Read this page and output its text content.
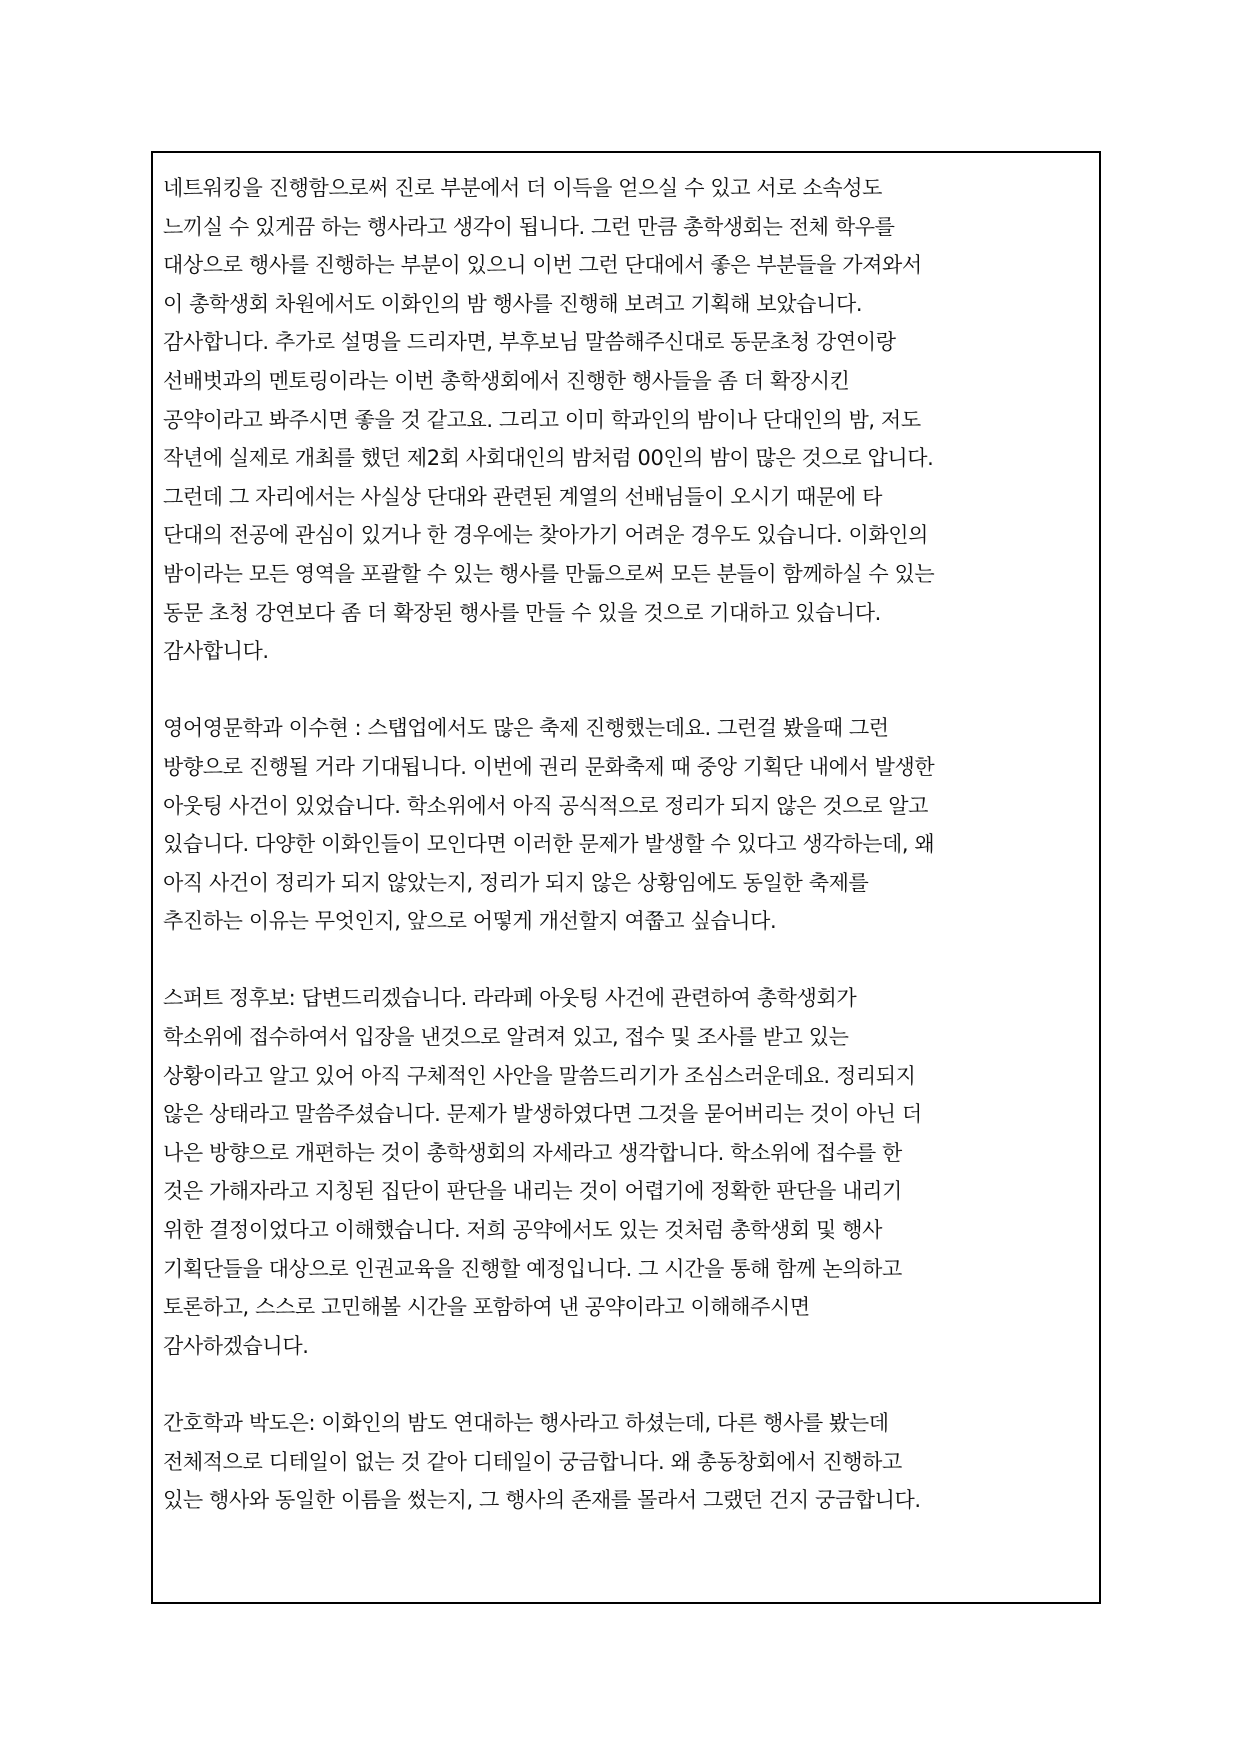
네트워킹을 진행함으로써 진로 부분에서 더 이득을 얻으실 수 있고 서로 소속성도
느끼실 수 있게끔 하는 행사라고 생각이 됩니다. 그런 만큼 총학생회는 전체 학우를
대상으로 행사를 진행하는 부분이 있으니 이번 그런 단대에서 좋은 부분들을 가져와서
이 총학생회 차원에서도 이화인의 밤 행사를 진행해 보려고 기획해 보았습니다.
감사합니다. 추가로 설명을 드리자면, 부후보님 말씀해주신대로 동문초청 강연이랑
선배벗과의 멘토링이라는 이번 총학생회에서 진행한 행사들을 좀 더 확장시킨
공약이라고 봐주시면 좋을 것 같고요. 그리고 이미 학과인의 밤이나 단대인의 밤, 저도
작년에 실제로 개최를 했던 제2회 사회대인의 밤처럼 00인의 밤이 많은 것으로 압니다.
그런데 그 자리에서는 사실상 단대와 관련된 계열의 선배님들이 오시기 때문에 타
단대의 전공에 관심이 있거나 한 경우에는 찾아가기 어려운 경우도 있습니다. 이화인의
밤이라는 모든 영역을 포괄할 수 있는 행사를 만듦으로써 모든 분들이 함께하실 수 있는
동문 초청 강연보다 좀 더 확장된 행사를 만들 수 있을 것으로 기대하고 있습니다.
감사합니다.
영어영문학과 이수현 : 스탭업에서도 많은 축제 진행했는데요. 그런걸 봤을때 그런
방향으로 진행될 거라 기대됩니다. 이번에 권리 문화축제 때 중앙 기획단 내에서 발생한
아웃팅 사건이 있었습니다. 학소위에서 아직 공식적으로 정리가 되지 않은 것으로 알고
있습니다. 다양한 이화인들이 모인다면 이러한 문제가 발생할 수 있다고 생각하는데, 왜
아직 사건이 정리가 되지 않았는지, 정리가 되지 않은 상황임에도 동일한 축제를
추진하는 이유는 무엇인지, 앞으로 어떻게 개선할지 여쭙고 싶습니다.
스퍼트 정후보: 답변드리겠습니다. 라라페 아웃팅 사건에 관련하여 총학생회가
학소위에 접수하여서 입장을 낸것으로 알려져 있고, 접수 및 조사를 받고 있는
상황이라고 알고 있어 아직 구체적인 사안을 말씀드리기가 조심스러운데요. 정리되지
않은 상태라고 말씀주셨습니다. 문제가 발생하였다면 그것을 묻어버리는 것이 아닌 더
나은 방향으로 개편하는 것이 총학생회의 자세라고 생각합니다. 학소위에 접수를 한
것은 가해자라고 지칭된 집단이 판단을 내리는 것이 어렵기에 정확한 판단을 내리기
위한 결정이었다고 이해했습니다. 저희 공약에서도 있는 것처럼 총학생회 및 행사
기획단들을 대상으로 인권교육을 진행할 예정입니다. 그 시간을 통해 함께 논의하고
토론하고, 스스로 고민해볼 시간을 포함하여 낸 공약이라고 이해해주시면
감사하겠습니다.
간호학과 박도은: 이화인의 밤도 연대하는 행사라고 하셨는데, 다른 행사를 봤는데
전체적으로 디테일이 없는 것 같아 디테일이 궁금합니다. 왜 총동창회에서 진행하고
있는 행사와 동일한 이름을 썼는지, 그 행사의 존재를 몰라서 그랬던 건지 궁금합니다.
